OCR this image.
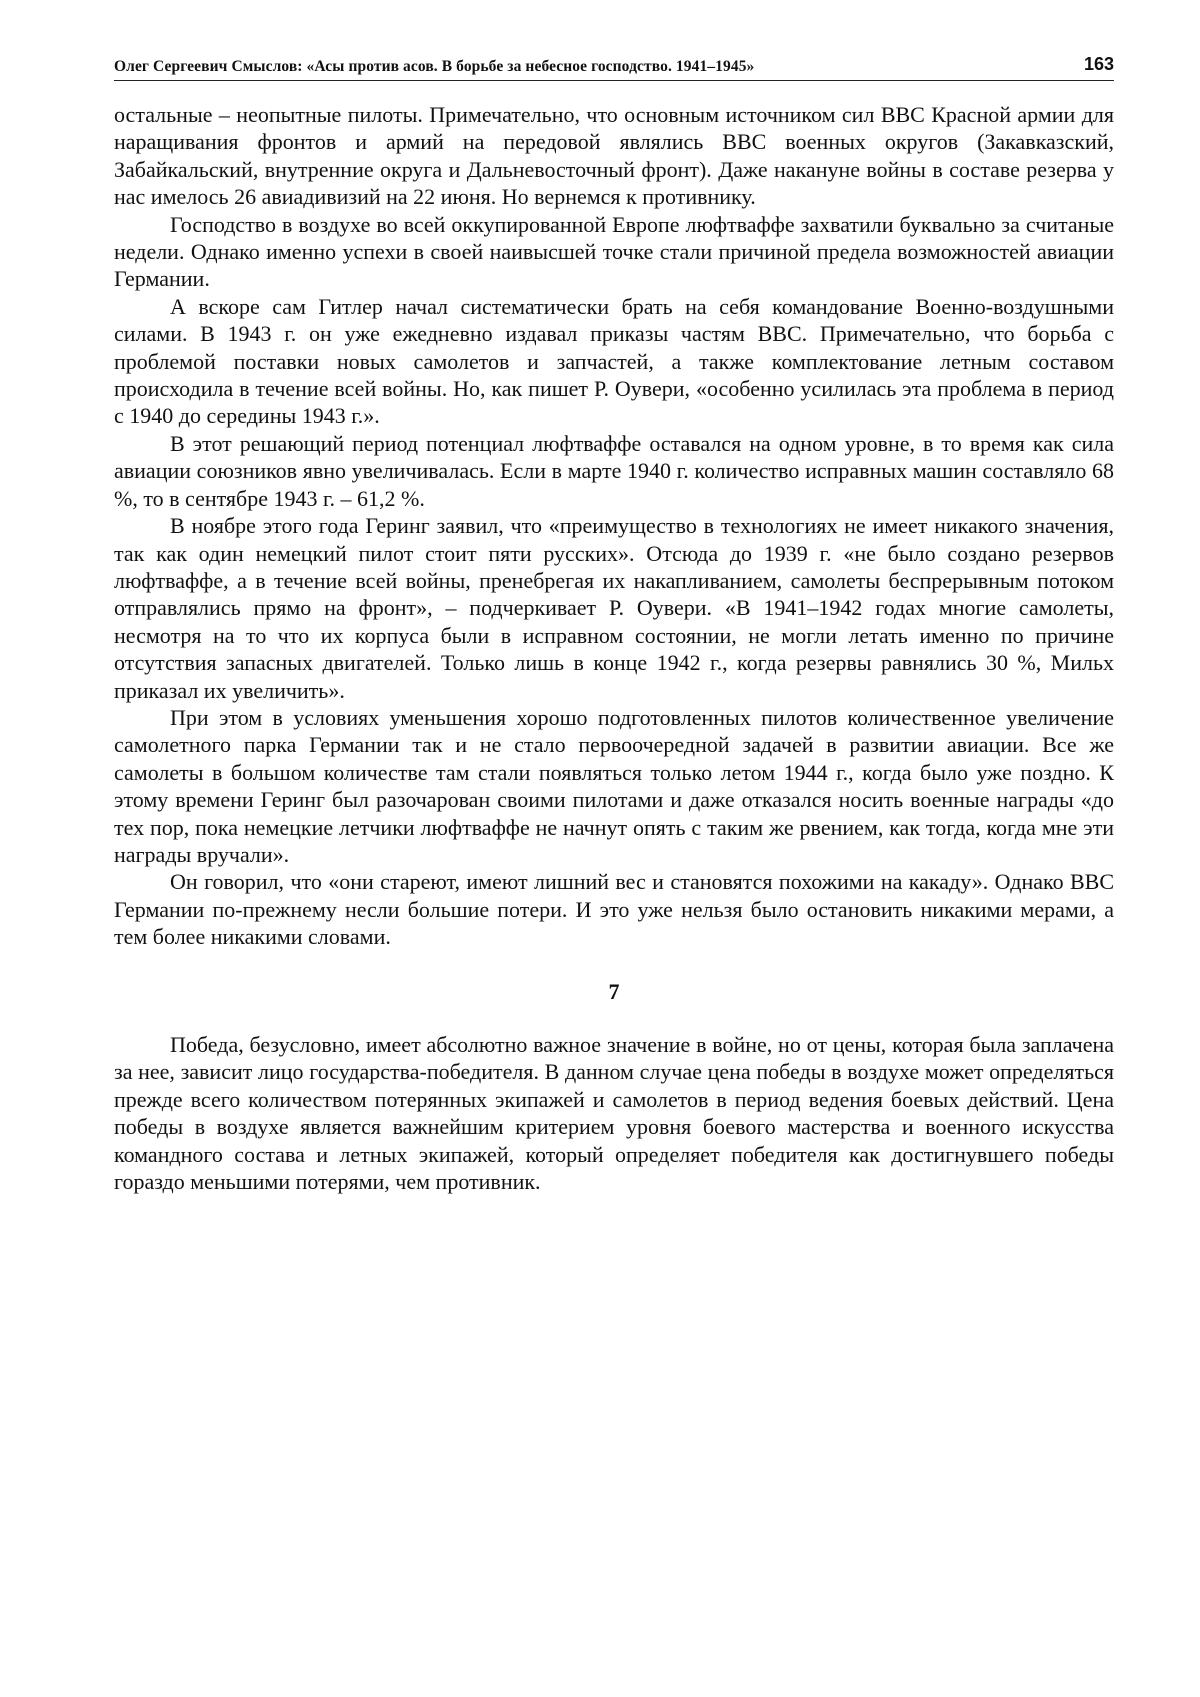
Олег Сергеевич Смыслов: «Асы против асов. В борьбе за небесное господство. 1941–1945»	163

остальные – неопытные пилоты. Примечательно, что основным источником сил ВВС Красной армии для наращивания фронтов и армий на передовой являлись ВВС военных округов (Закавказский, Забайкальский, внутренние округа и Дальневосточный фронт). Даже накануне войны в составе резерва у нас имелось 26 авиадивизий на 22 июня. Но вернемся к противнику.

Господство в воздухе во всей оккупированной Европе люфтваффе захватили буквально за считаные недели. Однако именно успехи в своей наивысшей точке стали причиной предела возможностей авиации Германии.

А вскоре сам Гитлер начал систематически брать на себя командование Военно-воздушными силами. В 1943 г. он уже ежедневно издавал приказы частям ВВС. Примечательно, что борьба с проблемой поставки новых самолетов и запчастей, а также комплектование летным составом происходила в течение всей войны. Но, как пишет Р. Оувери, «особенно усилилась эта проблема в период с 1940 до середины 1943 г.».

В этот решающий период потенциал люфтваффе оставался на одном уровне, в то время как сила авиации союзников явно увеличивалась. Если в марте 1940 г. количество исправных машин составляло 68 %, то в сентябре 1943 г. – 61,2 %.

В ноябре этого года Геринг заявил, что «преимущество в технологиях не имеет никакого значения, так как один немецкий пилот стоит пяти русских». Отсюда до 1939 г. «не было создано резервов люфтваффе, а в течение всей войны, пренебрегая их накапливанием, самолеты беспрерывным потоком отправлялись прямо на фронт», – подчеркивает Р. Оувери. «В 1941–1942 годах многие самолеты, несмотря на то что их корпуса были в исправном состоянии, не могли летать именно по причине отсутствия запасных двигателей. Только лишь в конце 1942 г., когда резервы равнялись 30 %, Мильх приказал их увеличить».

При этом в условиях уменьшения хорошо подготовленных пилотов количественное увеличение самолетного парка Германии так и не стало первоочередной задачей в развитии авиации. Все же самолеты в большом количестве там стали появляться только летом 1944 г., когда было уже поздно. К этому времени Геринг был разочарован своими пилотами и даже отказался носить военные награды «до тех пор, пока немецкие летчики люфтваффе не начнут опять с таким же рвением, как тогда, когда мне эти награды вручали».

Он говорил, что «они стареют, имеют лишний вес и становятся похожими на какаду». Однако ВВС Германии по-прежнему несли большие потери. И это уже нельзя было остановить никакими мерами, а тем более никакими словами.

7

Победа, безусловно, имеет абсолютно важное значение в войне, но от цены, которая была заплачена за нее, зависит лицо государства-победителя. В данном случае цена победы в воздухе может определяться прежде всего количеством потерянных экипажей и самолетов в период ведения боевых действий. Цена победы в воздухе является важнейшим критерием уровня боевого мастерства и военного искусства командного состава и летных экипажей, который определяет победителя как достигнувшего победы гораздо меньшими потерями, чем противник.
